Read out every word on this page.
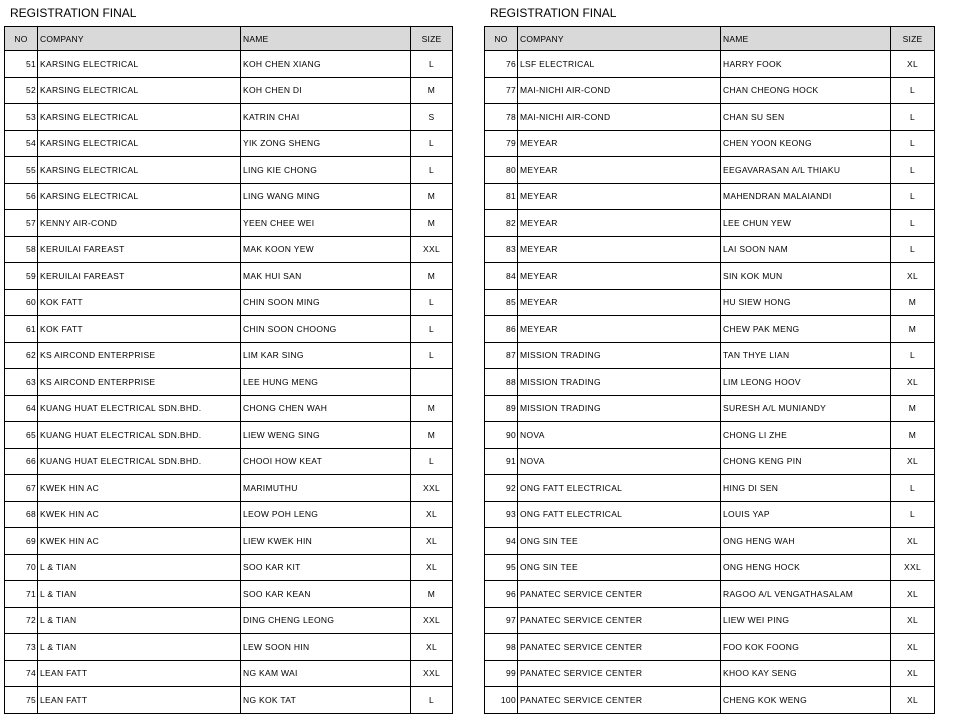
REGISTRATION FINAL
NO	COMPANY	NAME	SIZE
51	KARSING ELECTRICAL	KOH CHEN XIANG	L
52	KARSING ELECTRICAL	KOH CHEN DI	M
53	KARSING ELECTRICAL	KATRIN CHAI	S
54	KARSING ELECTRICAL	YIK ZONG SHENG	L
55	KARSING ELECTRICAL	LING KIE CHONG	L
56	KARSING ELECTRICAL	LING WANG MING	M
57	KENNY AIR-COND	YEEN CHEE WEI	M
58	KERUILAI FAREAST	MAK KOON YEW	XXL
59	KERUILAI FAREAST	MAK HUI SAN	M
60	KOK FATT	CHIN SOON MING	L
61	KOK FATT	CHIN SOON CHOONG	L
62	KS AIRCOND ENTERPRISE	LIM KAR SING	L
63	KS AIRCOND ENTERPRISE	LEE HUNG MENG	
64	KUANG HUAT ELECTRICAL SDN.BHD.	CHONG CHEN WAH	M
65	KUANG HUAT ELECTRICAL SDN.BHD.	LIEW WENG SING	M
66	KUANG HUAT ELECTRICAL SDN.BHD.	CHOOI HOW KEAT	L
67	KWEK HIN AC	MARIMUTHU	XXL
68	KWEK HIN AC	LEOW POH LENG	XL
69	KWEK HIN AC	LIEW KWEK HIN	XL
70	L & TIAN	SOO KAR KIT	XL
71	L & TIAN	SOO KAR KEAN	M
72	L & TIAN	DING CHENG LEONG	XXL
73	L & TIAN	LEW SOON HIN	XL
74	LEAN FATT	NG KAM WAI	XXL
75	LEAN FATT	NG KOK TAT	L
REGISTRATION FINAL
NO	COMPANY	NAME	SIZE
76	LSF ELECTRICAL	HARRY FOOK	XL
77	MAI-NICHI AIR-COND	CHAN CHEONG HOCK	L
78	MAI-NICHI AIR-COND	CHAN SU SEN	L
79	MEYEAR	CHEN YOON KEONG	L
80	MEYEAR	EEGAVARASAN A/L THIAKU	L
81	MEYEAR	MAHENDRAN MALAIANDI	L
82	MEYEAR	LEE CHUN YEW	L
83	MEYEAR	LAI SOON NAM	L
84	MEYEAR	SIN KOK MUN	XL
85	MEYEAR	HU SIEW HONG	M
86	MEYEAR	CHEW PAK MENG	M
87	MISSION TRADING	TAN THYE LIAN	L
88	MISSION TRADING	LIM LEONG HOOV	XL
89	MISSION TRADING	SURESH A/L MUNIANDY	M
90	NOVA	CHONG LI ZHE	M
91	NOVA	CHONG KENG PIN	XL
92	ONG FATT ELECTRICAL	HING DI SEN	L
93	ONG FATT ELECTRICAL	LOUIS YAP	L
94	ONG SIN TEE	ONG HENG WAH	XL
95	ONG SIN TEE	ONG HENG HOCK	XXL
96	PANATEC SERVICE CENTER	RAGOO A/L VENGATHASALAM	XL
97	PANATEC SERVICE CENTER	LIEW WEI PING	XL
98	PANATEC SERVICE CENTER	FOO KOK FOONG	XL
99	PANATEC SERVICE CENTER	KHOO KAY SENG	XL
100	PANATEC SERVICE CENTER	CHENG KOK WENG	XL
